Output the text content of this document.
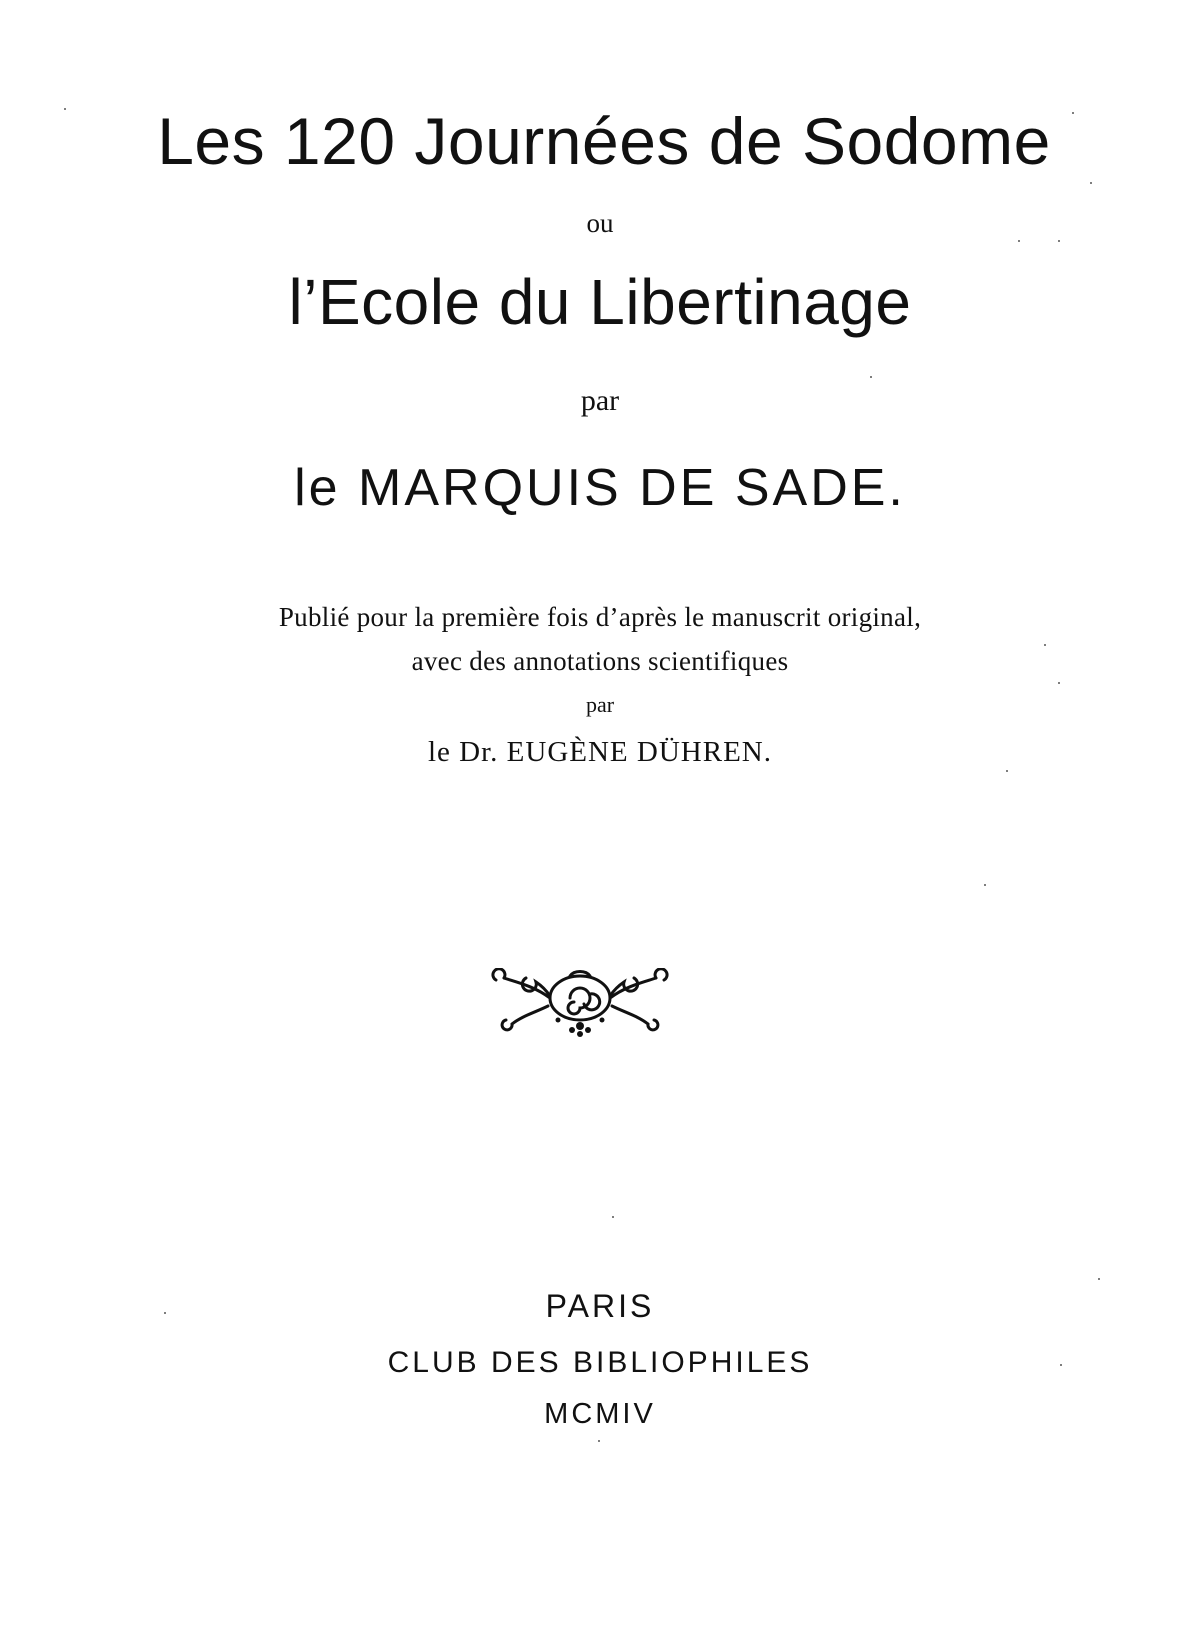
Les 120 Journées de Sodome
ou
l’Ecole du Libertinage
par
le MARQUIS DE SADE.
Publié pour la première fois d’après le manuscrit original,
avec des annotations scientifiques
par
le Dr. EUGÈNE DÜHREN.
PARIS
CLUB DES BIBLIOPHILES
MCMIV
